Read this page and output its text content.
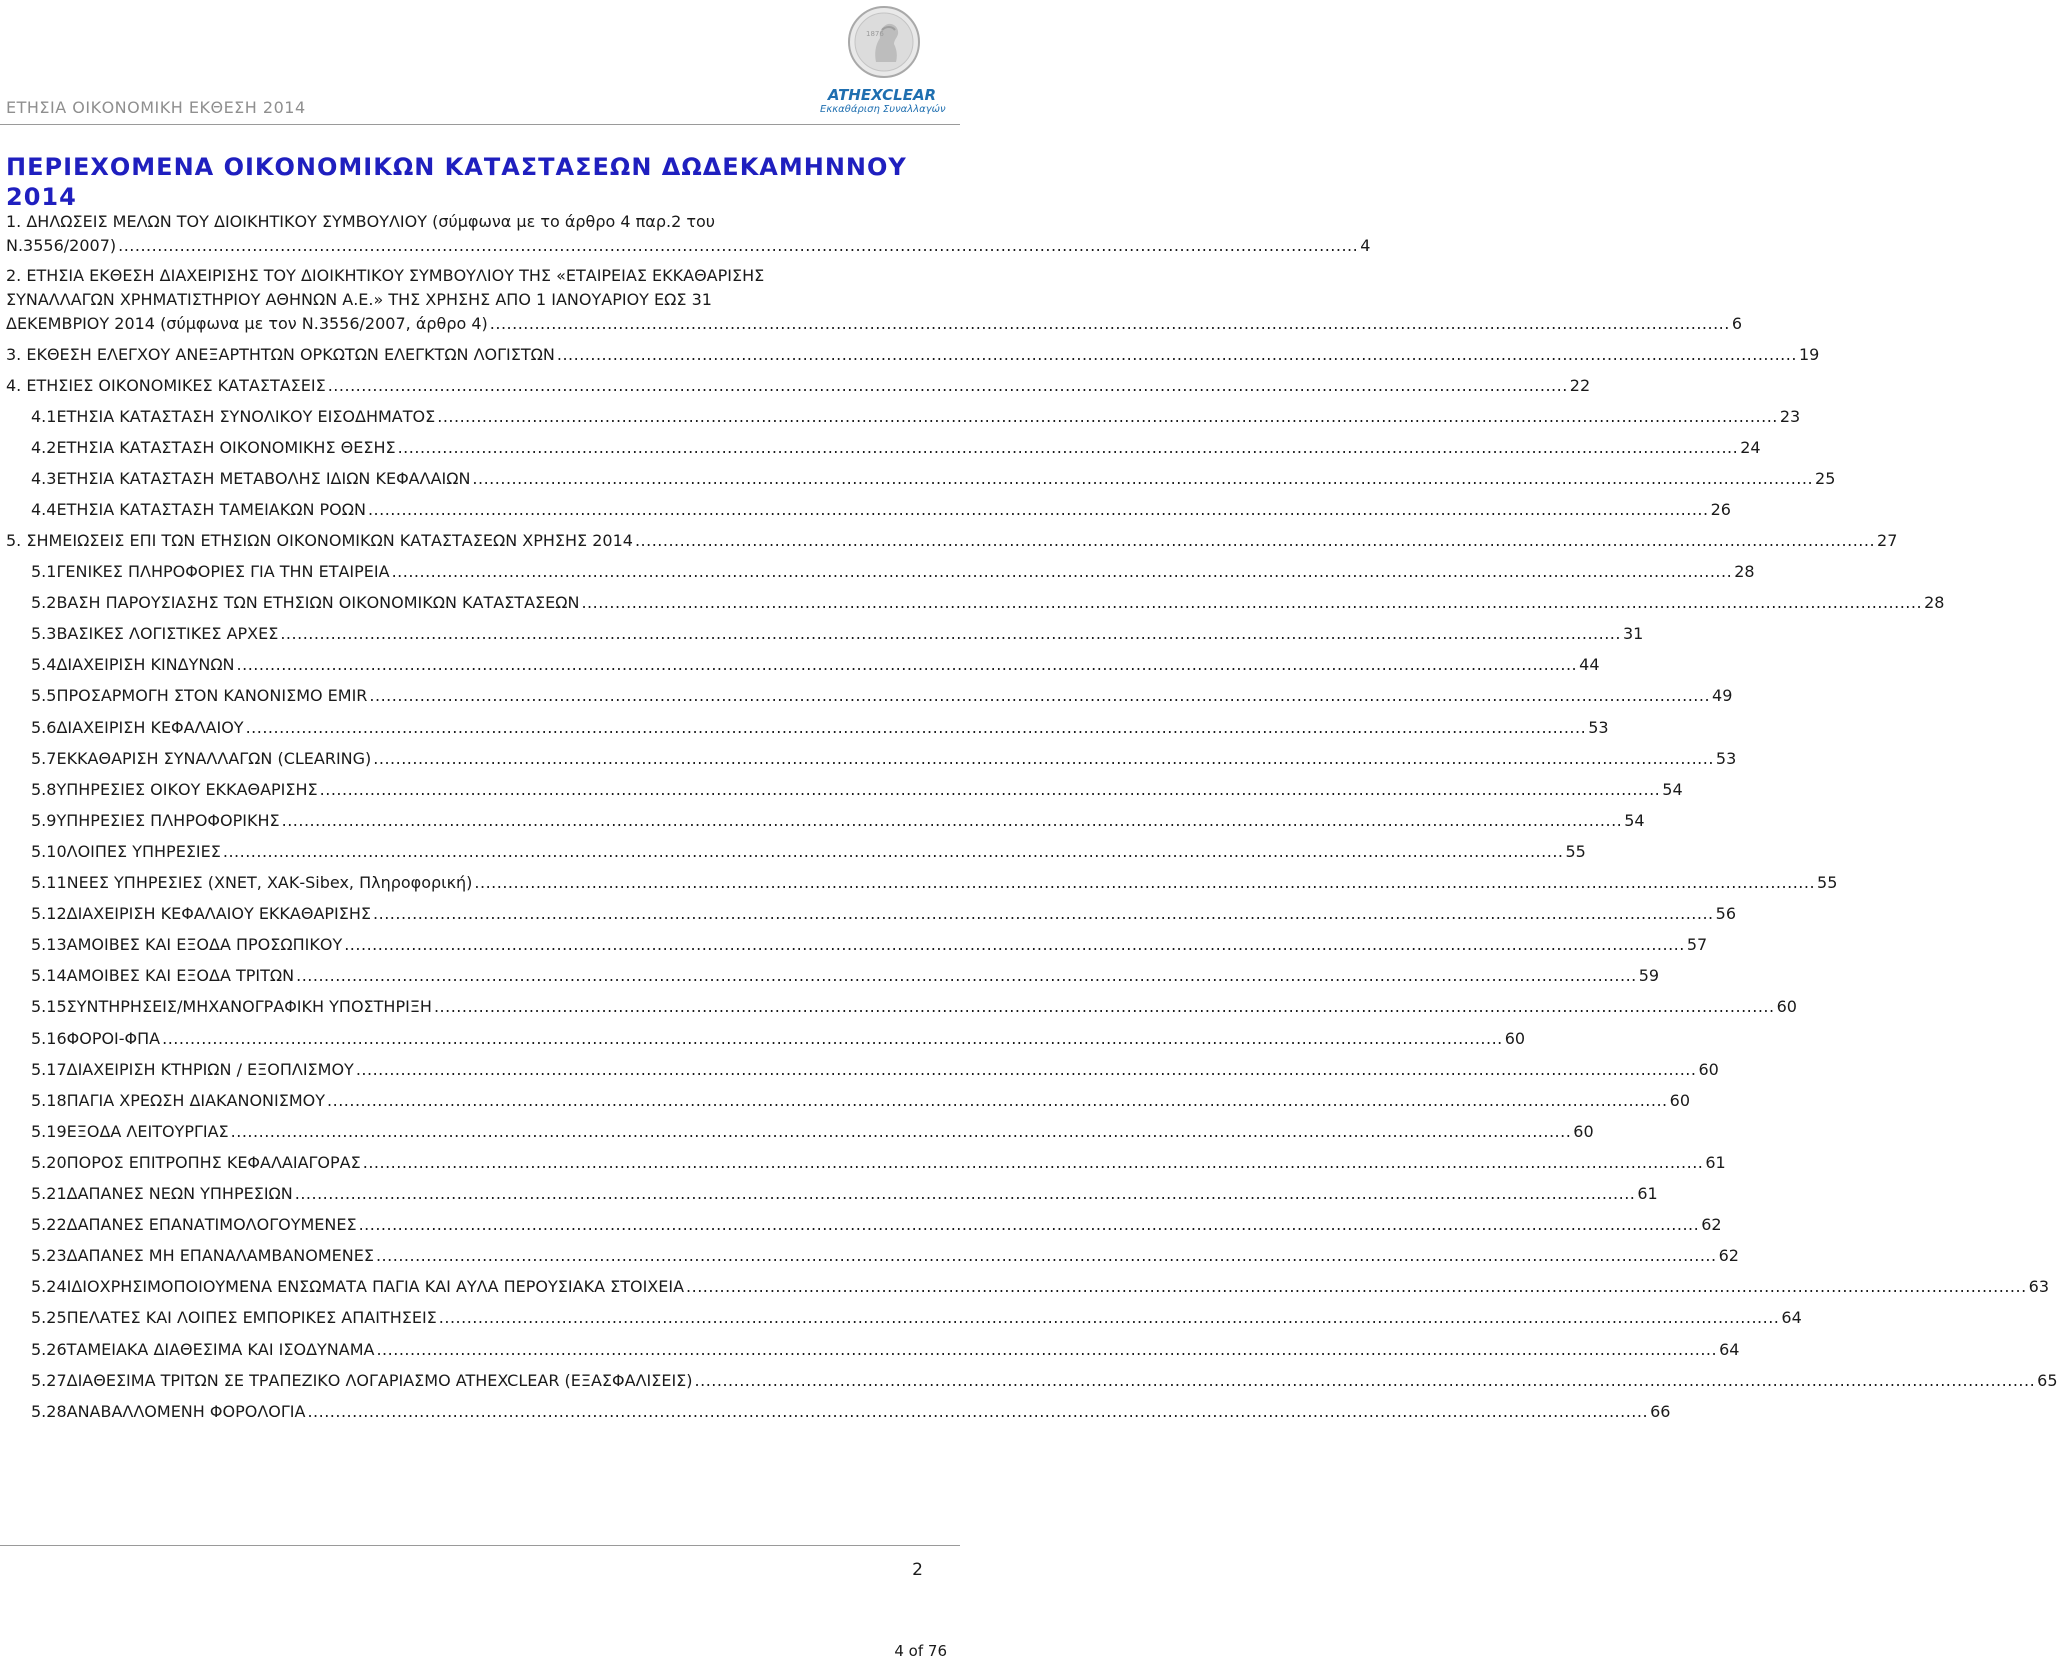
ΕΤΗΣΙΑ ΟΙΚΟΝΟΜΙΚΗ ΕΚΘΕΣΗ 2014
1876
ATHEXCLEAR
Εκκαθάριση Συναλλαγών
ΠΕΡΙΕΧΟΜΕΝΑ ΟΙΚΟΝΟΜΙΚΩΝ ΚΑΤΑΣΤΑΣΕΩΝ ΔΩΔΕΚΑΜΗΝΝΟΥ 2014
1. ΔΗΛΩΣΕΙΣ ΜΕΛΩΝ ΤΟΥ ΔΙΟΙΚΗΤΙΚΟΥ ΣΥΜΒΟΥΛΙΟΥ (σύμφωνα με το άρθρο 4 παρ.2 του
Ν.3556/2007) .............................................................................................................................................................................................................................. 4
2. ΕΤΗΣΙΑ ΕΚΘΕΣΗ ΔΙΑΧΕΙΡΙΣΗΣ ΤΟΥ ΔΙΟΙΚΗΤΙΚΟΥ ΣΥΜΒΟΥΛΙΟΥ ΤΗΣ «ΕΤΑΙΡΕΙΑΣ ΕΚΚΑΘΑΡΙΣΗΣ
ΣΥΝΑΛΛΑΓΩΝ ΧΡΗΜΑΤΙΣΤΗΡΙΟΥ ΑΘΗΝΩΝ Α.Ε.» ΤΗΣ ΧΡΗΣΗΣ ΑΠΟ 1 ΙΑΝΟΥΑΡΙΟΥ ΕΩΣ 31
ΔΕΚΕΜΒΡΙΟΥ 2014 (σύμφωνα με τον Ν.3556/2007, άρθρο 4) .............................................................................................................................................................................................................................. 6
3. ΕΚΘΕΣΗ ΕΛΕΓΧΟΥ ΑΝΕΞΑΡΤΗΤΩΝ ΟΡΚΩΤΩΝ ΕΛΕΓΚΤΩΝ ΛΟΓΙΣΤΩΝ .............................................................................................................................................................................................................................. 19
4. ΕΤΗΣΙΕΣ ΟΙΚΟΝΟΜΙΚΕΣ ΚΑΤΑΣΤΑΣΕΙΣ .............................................................................................................................................................................................................................. 22
4.1 ΕΤΗΣΙΑ ΚΑΤΑΣΤΑΣΗ ΣΥΝΟΛΙΚΟΥ ΕΙΣΟΔΗΜΑΤΟΣ ................................................................................................................................................................................................................................................ 23
4.2 ΕΤΗΣΙΑ ΚΑΤΑΣΤΑΣΗ ΟΙΚΟΝΟΜΙΚΗΣ ΘΕΣΗΣ ................................................................................................................................................................................................................................................ 24
4.3 ΕΤΗΣΙΑ ΚΑΤΑΣΤΑΣΗ ΜΕΤΑΒΟΛΗΣ ΙΔΙΩΝ ΚΕΦΑΛΑΙΩΝ ................................................................................................................................................................................................................................................ 25
4.4 ΕΤΗΣΙΑ ΚΑΤΑΣΤΑΣΗ ΤΑΜΕΙΑΚΩΝ ΡΟΩΝ ................................................................................................................................................................................................................................................ 26
5. ΣΗΜΕΙΩΣΕΙΣ ΕΠΙ ΤΩΝ ΕΤΗΣΙΩΝ ΟΙΚΟΝΟΜΙΚΩΝ ΚΑΤΑΣΤΑΣΕΩΝ ΧΡΗΣΗΣ 2014 .............................................................................................................................................................................................................................. 27
5.1 ΓΕΝΙΚΕΣ ΠΛΗΡΟΦΟΡΙΕΣ ΓΙΑ ΤΗΝ ΕΤΑΙΡΕΙΑ ................................................................................................................................................................................................................................................ 28
5.2 ΒΑΣΗ ΠΑΡΟΥΣΙΑΣΗΣ ΤΩΝ ΕΤΗΣΙΩΝ ΟΙΚΟΝΟΜΙΚΩΝ ΚΑΤΑΣΤΑΣΕΩΝ ................................................................................................................................................................................................................................................ 28
5.3 ΒΑΣΙΚΕΣ ΛΟΓΙΣΤΙΚΕΣ ΑΡΧΕΣ ................................................................................................................................................................................................................................................ 31
5.4 ΔΙΑΧΕΙΡΙΣΗ ΚΙΝΔΥΝΩΝ ................................................................................................................................................................................................................................................ 44
5.5 ΠΡΟΣΑΡΜΟΓΗ ΣΤΟΝ ΚΑΝΟΝΙΣΜΟ EMIR ................................................................................................................................................................................................................................................ 49
5.6 ΔΙΑΧΕΙΡΙΣΗ ΚΕΦΑΛΑΙΟΥ ................................................................................................................................................................................................................................................ 53
5.7 ΕΚΚΑΘΑΡΙΣΗ ΣΥΝΑΛΛΑΓΩΝ (CLEARING) ................................................................................................................................................................................................................................................ 53
5.8 ΥΠΗΡΕΣΙΕΣ ΟΙΚΟΥ ΕΚΚΑΘΑΡΙΣΗΣ ................................................................................................................................................................................................................................................ 54
5.9 ΥΠΗΡΕΣΙΕΣ ΠΛΗΡΟΦΟΡΙΚΗΣ ................................................................................................................................................................................................................................................ 54
5.10 ΛΟΙΠΕΣ ΥΠΗΡΕΣΙΕΣ ................................................................................................................................................................................................................................................ 55
5.11 ΝΕΕΣ ΥΠΗΡΕΣΙΕΣ (ΧΝΕΤ, ΧΑΚ-Sibex, Πληροφορική) ................................................................................................................................................................................................................................................ 55
5.12 ΔΙΑΧΕΙΡΙΣΗ ΚΕΦΑΛΑΙΟΥ ΕΚΚΑΘΑΡΙΣΗΣ ................................................................................................................................................................................................................................................ 56
5.13 ΑΜΟΙΒΕΣ ΚΑΙ ΕΞΟΔΑ ΠΡΟΣΩΠΙΚΟΥ ................................................................................................................................................................................................................................................ 57
5.14 ΑΜΟΙΒΕΣ ΚΑΙ ΕΞΟΔΑ ΤΡΙΤΩΝ ................................................................................................................................................................................................................................................ 59
5.15 ΣΥΝΤΗΡΗΣΕΙΣ/ΜΗΧΑΝΟΓΡΑΦΙΚΗ ΥΠΟΣΤΗΡΙΞΗ ................................................................................................................................................................................................................................................ 60
5.16 ΦΟΡΟΙ-ΦΠΑ ................................................................................................................................................................................................................................................ 60
5.17 ΔΙΑΧΕΙΡΙΣΗ ΚΤΗΡΙΩΝ / ΕΞΟΠΛΙΣΜΟΥ ................................................................................................................................................................................................................................................ 60
5.18 ΠΑΓΙΑ ΧΡΕΩΣΗ ΔΙΑΚΑΝΟΝΙΣΜΟΥ ................................................................................................................................................................................................................................................ 60
5.19 ΕΞΟΔΑ ΛΕΙΤΟΥΡΓΙΑΣ ................................................................................................................................................................................................................................................ 60
5.20 ΠΟΡΟΣ ΕΠΙΤΡΟΠΗΣ ΚΕΦΑΛΑΙΑΓΟΡΑΣ ................................................................................................................................................................................................................................................ 61
5.21 ΔΑΠΑΝΕΣ ΝΕΩΝ ΥΠΗΡΕΣΙΩΝ ................................................................................................................................................................................................................................................ 61
5.22 ΔΑΠΑΝΕΣ ΕΠΑΝΑΤΙΜΟΛΟΓΟΥΜΕΝΕΣ ................................................................................................................................................................................................................................................ 62
5.23 ΔΑΠΑΝΕΣ ΜΗ ΕΠΑΝΑΛΑΜΒΑΝΟΜΕΝΕΣ ................................................................................................................................................................................................................................................ 62
5.24 ΙΔΙΟΧΡΗΣΙΜΟΠΟΙΟΥΜΕΝΑ ΕΝΣΩΜΑΤΑ ΠΑΓΙΑ ΚΑΙ ΑΥΛΑ ΠΕΡΟΥΣΙΑΚΑ ΣΤΟΙΧΕΙΑ ................................................................................................................................................................................................................................................ 63
5.25 ΠΕΛΑΤΕΣ ΚΑΙ ΛΟΙΠΕΣ ΕΜΠΟΡΙΚΕΣ ΑΠΑΙΤΗΣΕΙΣ ................................................................................................................................................................................................................................................ 64
5.26 ΤΑΜΕΙΑΚΑ ΔΙΑΘΕΣΙΜΑ ΚΑΙ ΙΣΟΔΥΝΑΜΑ ................................................................................................................................................................................................................................................ 64
5.27 ΔΙΑΘΕΣΙΜΑ ΤΡΙΤΩΝ ΣΕ ΤΡΑΠΕΖΙΚΟ ΛΟΓΑΡΙΑΣΜΟ ATHEXCLEAR (ΕΞΑΣΦΑΛΙΣΕΙΣ) ................................................................................................................................................................................................................................................ 65
5.28 ΑΝΑΒΑΛΛΟΜΕΝΗ ΦΟΡΟΛΟΓΙΑ ................................................................................................................................................................................................................................................ 66
2
4 of 76
